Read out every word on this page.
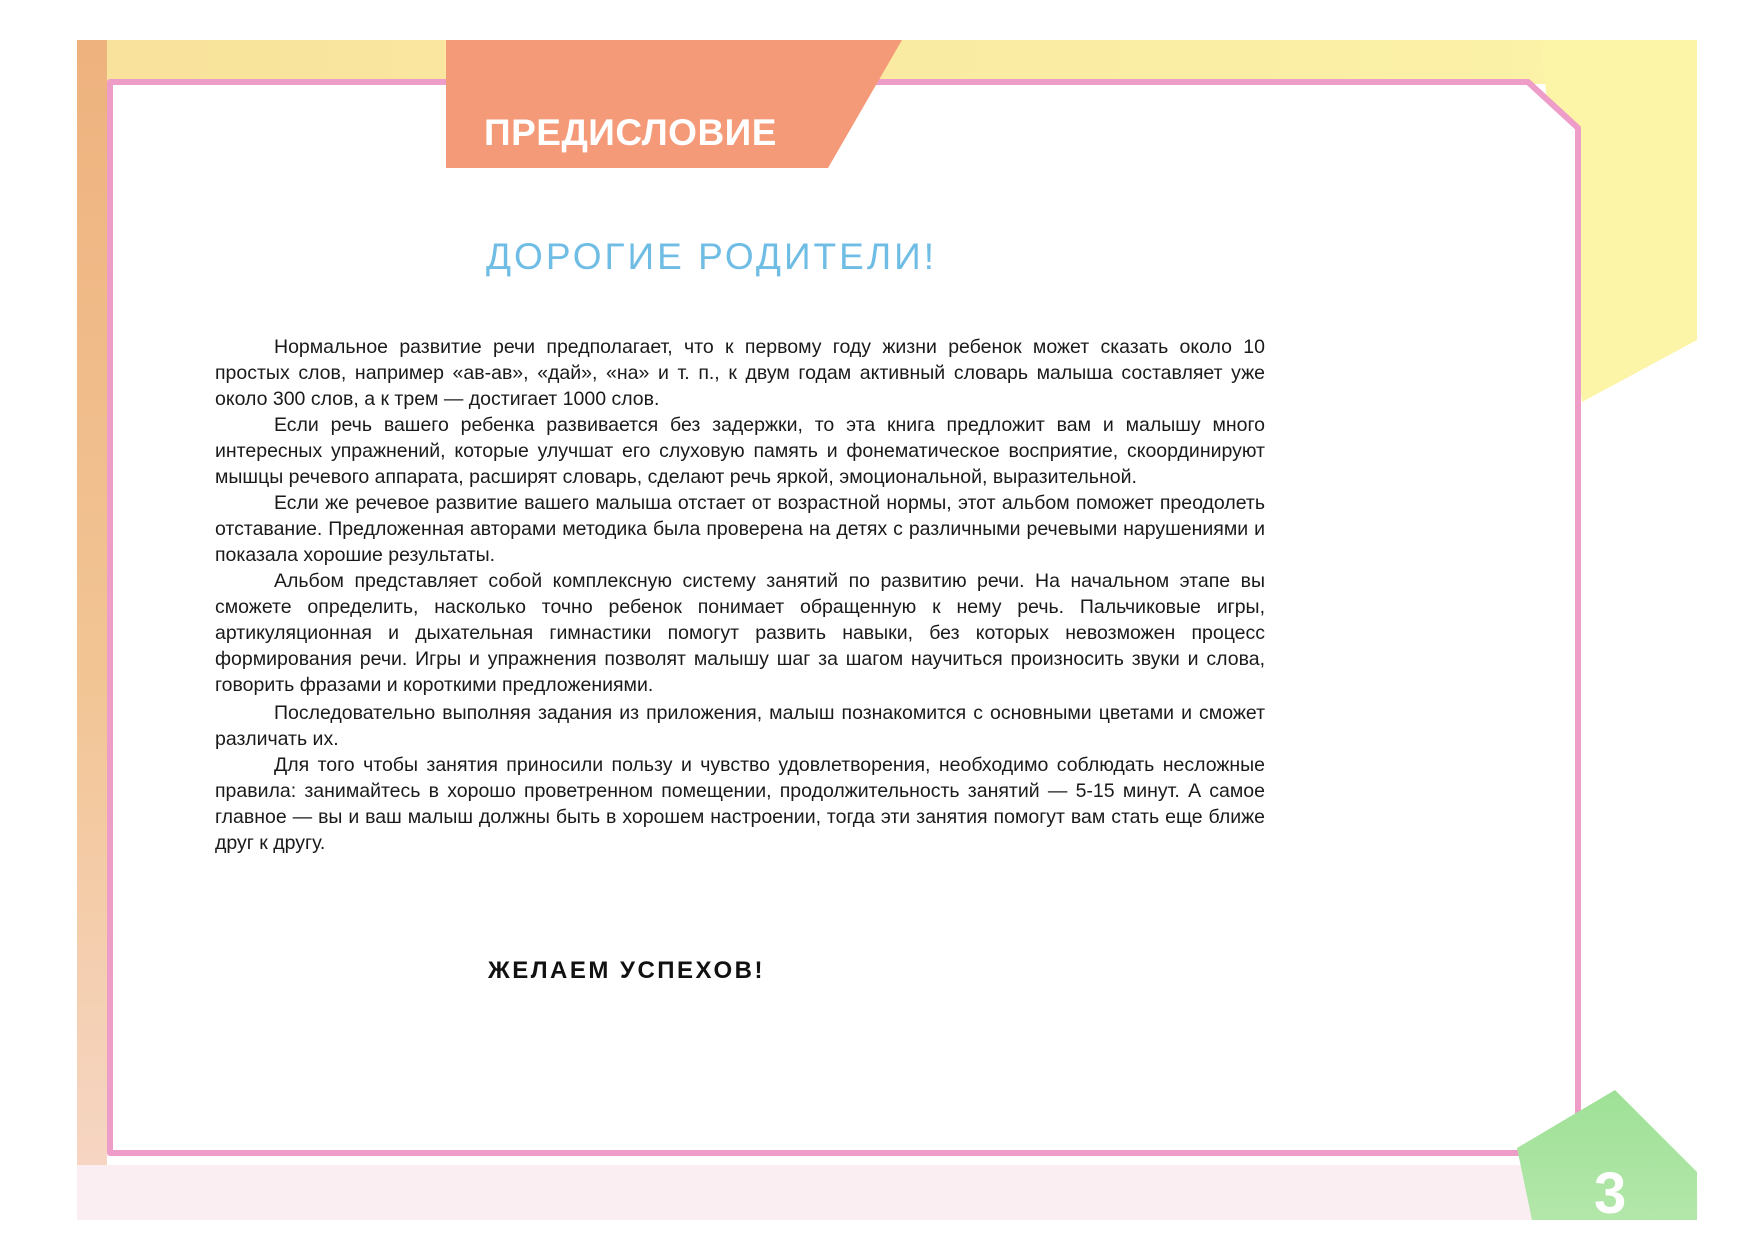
ПРЕДИСЛОВИЕ
ДОРОГИЕ РОДИТЕЛИ!

Нормальное развитие речи предполагает, что к первому году жизни ребенок может сказать около 10 простых слов, например «ав-ав», «дай», «на» и т. п., к двум годам активный словарь малыша составляет уже около 300 слов, а к трем — достигает 1000 слов.

Если речь вашего ребенка развивается без задержки, то эта книга предложит вам и малышу много интересных упражнений, которые улучшат его слуховую память и фонематическое восприятие, скоординируют мышцы речевого аппарата, расширят словарь, сделают речь яркой, эмоциональной, выразительной.

Если же речевое развитие вашего малыша отстает от возрастной нормы, этот альбом поможет преодолеть отставание. Предложенная авторами методика была проверена на детях с различными речевыми нарушениями и показала хорошие результаты.

Альбом представляет собой комплексную систему занятий по развитию речи. На начальном этапе вы сможете определить, насколько точно ребенок понимает обращенную к нему речь. Пальчиковые игры, артикуляционная и дыхательная гимнастики помогут развить навыки, без которых невозможен процесс формирования речи. Игры и упражнения позволят малышу шаг за шагом научиться произносить звуки и слова, говорить фразами и короткими предложениями.

Последовательно выполняя задания из приложения, малыш познакомится с основными цветами и сможет различать их.

Для того чтобы занятия приносили пользу и чувство удовлетворения, необходимо соблюдать несложные правила: занимайтесь в хорошо проветренном помещении, продолжительность занятий — 5-15 минут. А самое главное — вы и ваш малыш должны быть в хорошем настроении, тогда эти занятия помогут вам стать еще ближе друг к другу.

ЖЕЛАЕМ УСПЕХОВ!
3
